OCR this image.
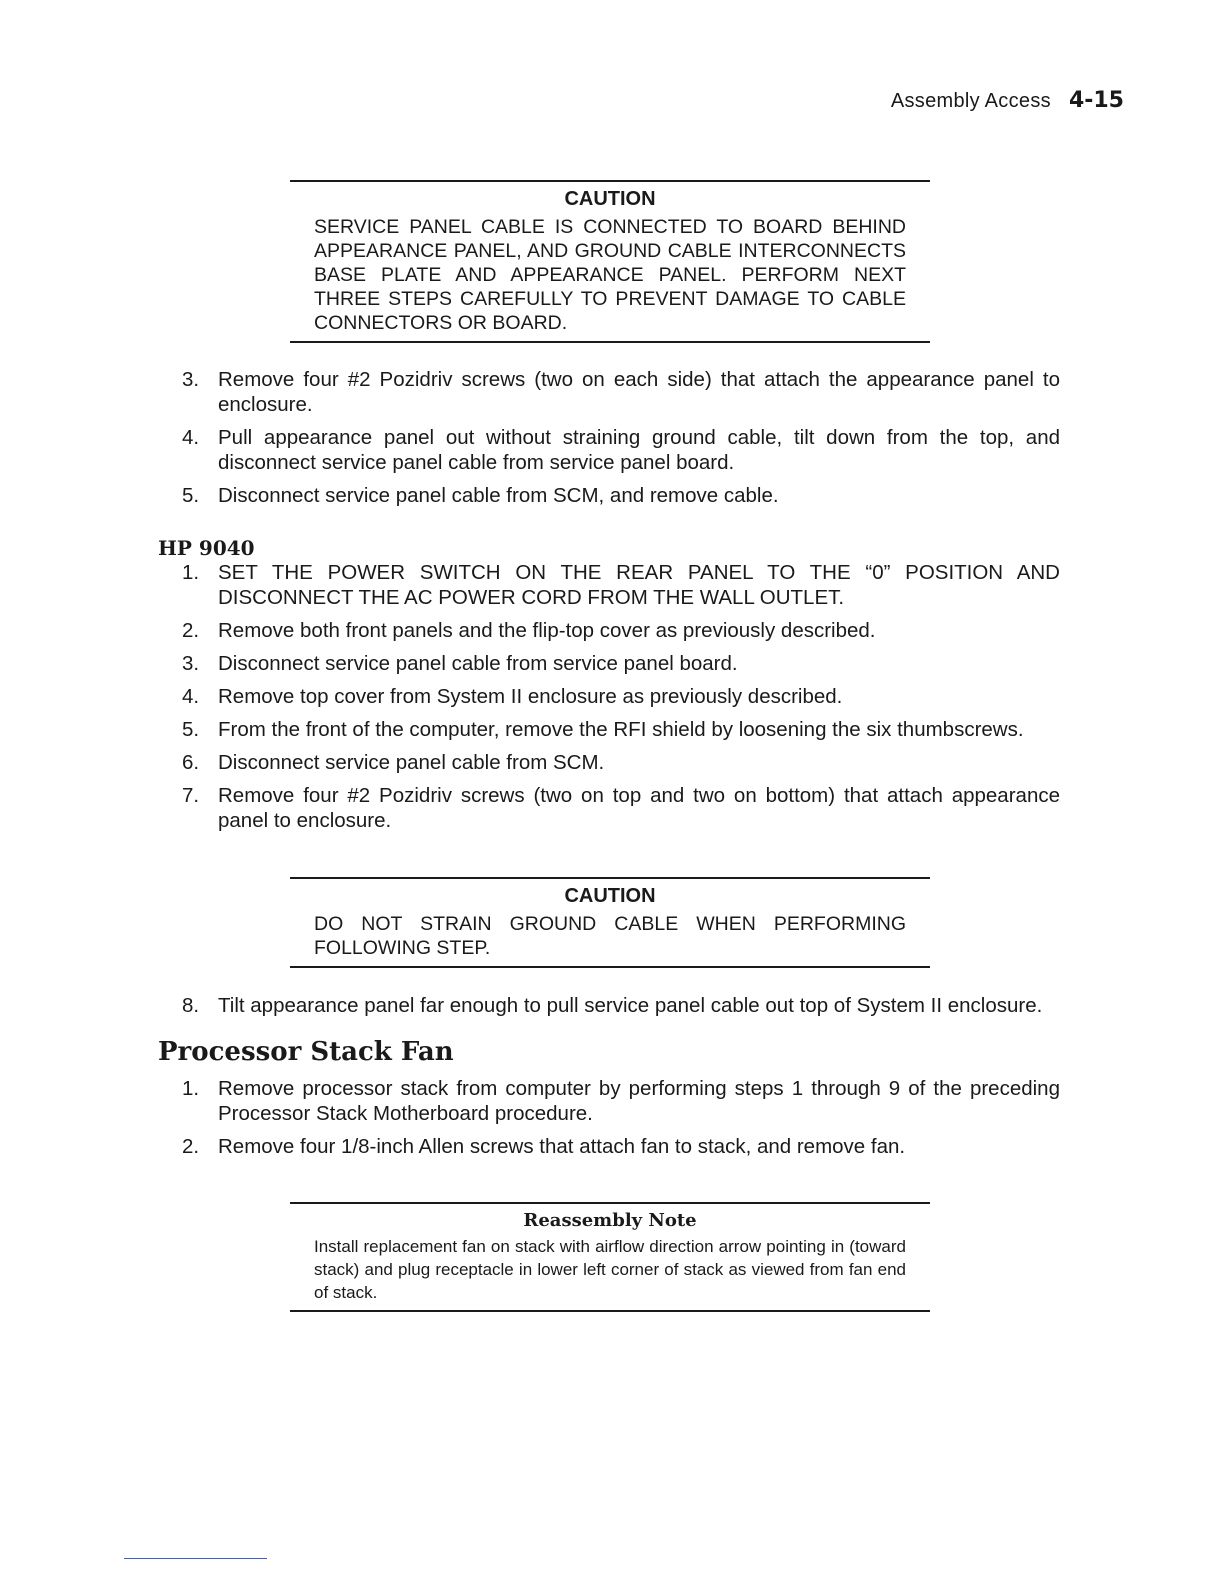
Assembly Access 4-15
CAUTION
SERVICE PANEL CABLE IS CONNECTED TO BOARD BEHIND APPEARANCE PANEL, AND GROUND CABLE INTERCONNECTS BASE PLATE AND APPEARANCE PANEL. PERFORM NEXT THREE STEPS CAREFULLY TO PREVENT DAMAGE TO CABLE CONNECTORS OR BOARD.
3. Remove four #2 Pozidriv screws (two on each side) that attach the appearance panel to enclosure.
4. Pull appearance panel out without straining ground cable, tilt down from the top, and disconnect service panel cable from service panel board.
5. Disconnect service panel cable from SCM, and remove cable.
HP 9040
1. SET THE POWER SWITCH ON THE REAR PANEL TO THE “0” POSITION AND DISCONNECT THE AC POWER CORD FROM THE WALL OUTLET.
2. Remove both front panels and the flip-top cover as previously described.
3. Disconnect service panel cable from service panel board.
4. Remove top cover from System II enclosure as previously described.
5. From the front of the computer, remove the RFI shield by loosening the six thumbscrews.
6. Disconnect service panel cable from SCM.
7. Remove four #2 Pozidriv screws (two on top and two on bottom) that attach appearance panel to enclosure.
CAUTION
DO NOT STRAIN GROUND CABLE WHEN PERFORMING FOLLOWING STEP.
8. Tilt appearance panel far enough to pull service panel cable out top of System II enclosure.
Processor Stack Fan
1. Remove processor stack from computer by performing steps 1 through 9 of the preceding Processor Stack Motherboard procedure.
2. Remove four 1/8-inch Allen screws that attach fan to stack, and remove fan.
Reassembly Note
Install replacement fan on stack with airflow direction arrow pointing in (toward stack) and plug receptacle in lower left corner of stack as viewed from fan end of stack.
